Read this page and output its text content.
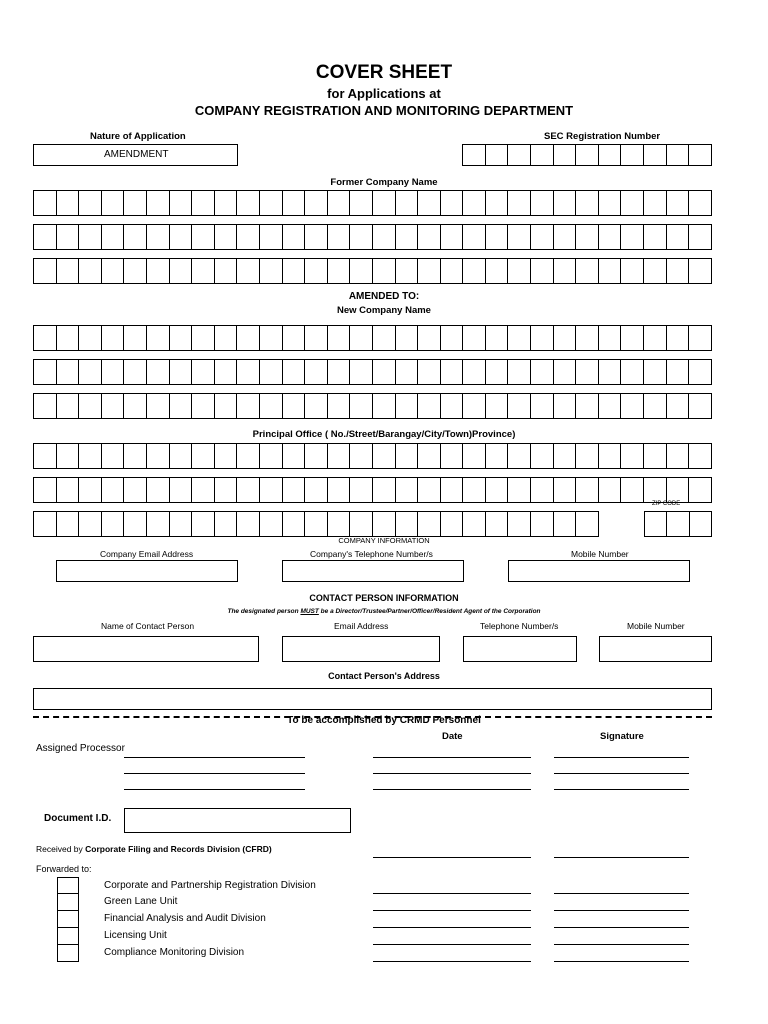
COVER SHEET
for Applications at
COMPANY REGISTRATION AND MONITORING DEPARTMENT
Nature of Application
AMENDMENT
SEC Registration Number
Former Company Name
AMENDED TO:
New Company Name
Principal Office ( No./Street/Barangay/City/Town)Province)
ZIP CODE
COMPANY INFORMATION
Company Email Address	Company's Telephone Number/s	Mobile Number
CONTACT PERSON INFORMATION
The designated person MUST be a Director/Trustee/Partner/Officer/Resident Agent of the Corporation
Name of Contact Person	Email Address	Telephone Number/s	Mobile Number
Contact Person's Address
To be accomplished by CRMD Personnel
Date	Signature
Assigned Processor
Document I.D.
Received by Corporate Filing and Records Division (CFRD)
Forwarded to:
Corporate and Partnership Registration Division
Green Lane Unit
Financial Analysis and Audit Division
Licensing Unit
Compliance Monitoring Division
